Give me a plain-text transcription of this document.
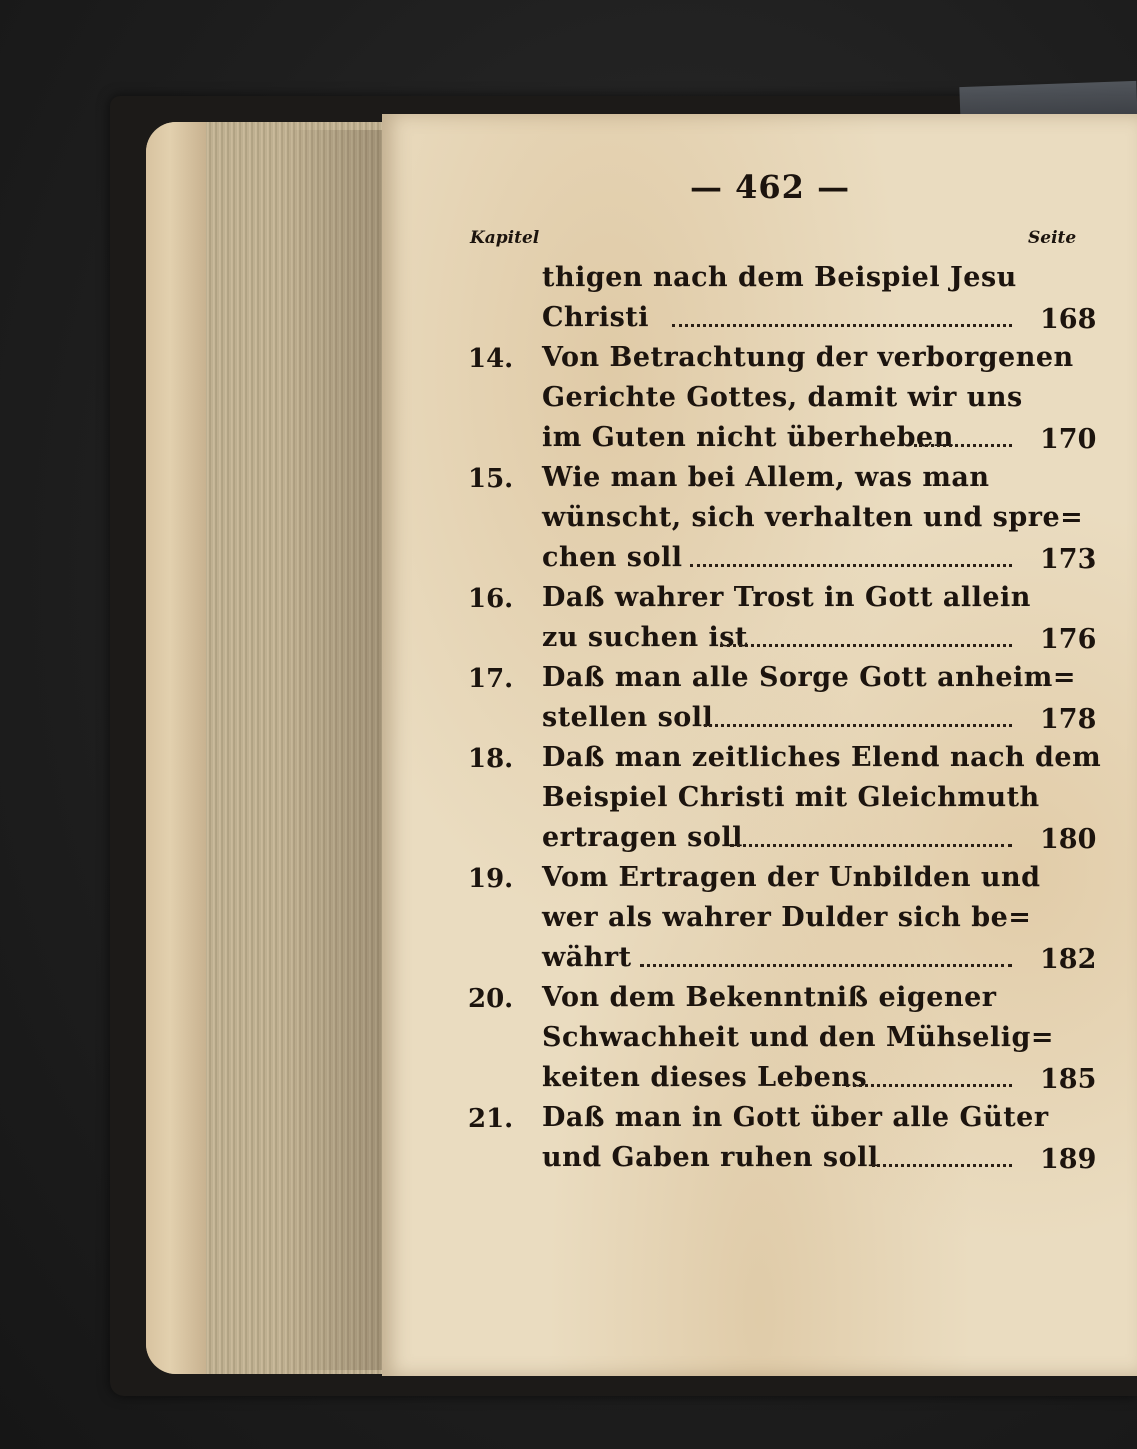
— 462 —
Kapitel	Seite
thigen nach dem Beispiel Jesu
Christi	168
14. Von Betrachtung der verborgenen
Gerichte Gottes, damit wir uns
im Guten nicht überheben	170
15. Wie man bei Allem, was man
wünscht, sich verhalten und spre=
chen soll	173
16. Daß wahrer Trost in Gott allein
zu suchen ist	176
17. Daß man alle Sorge Gott anheim=
stellen soll	178
18. Daß man zeitliches Elend nach dem
Beispiel Christi mit Gleichmuth
ertragen soll	180
19. Vom Ertragen der Unbilden und
wer als wahrer Dulder sich be=
währt	182
20. Von dem Bekenntniß eigener
Schwachheit und den Mühselig=
keiten dieses Lebens	185
21. Daß man in Gott über alle Güter
und Gaben ruhen soll	189
